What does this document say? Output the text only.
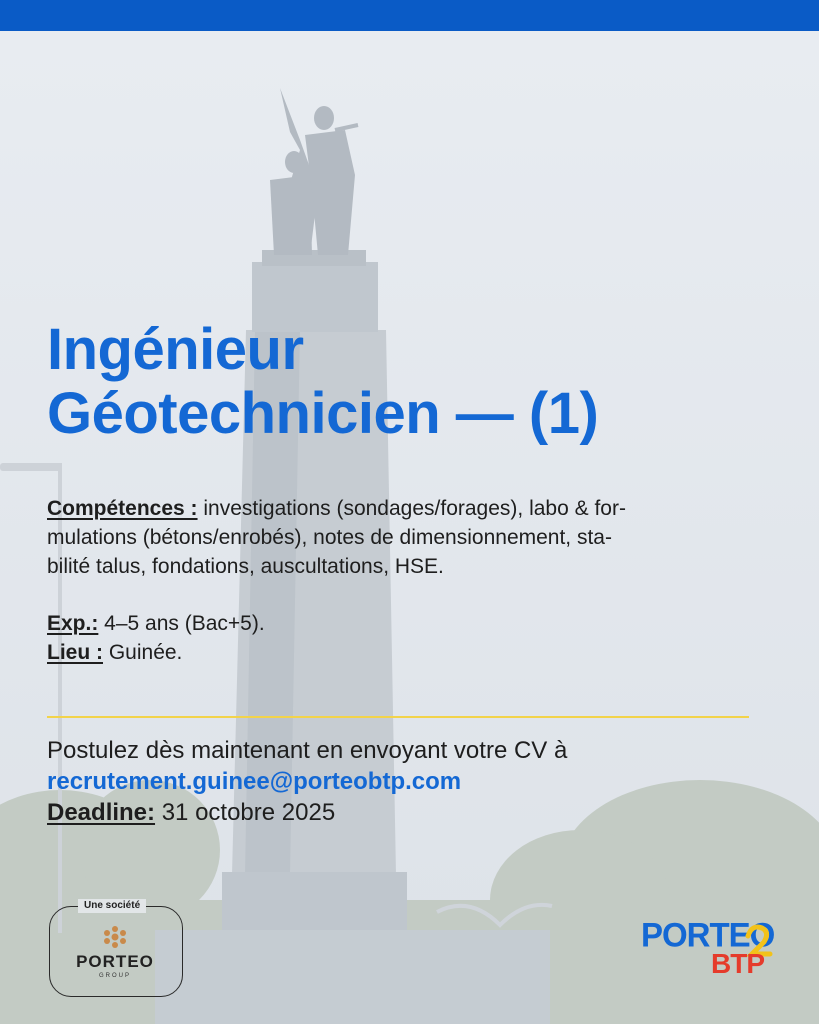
Ingénieur
Géotechnicien — (1)
Compétences : investigations (sondages/forages), labo & for-
mulations (bétons/enrobés), notes de dimensionnement, sta-
bilité talus, fondations, auscultations, HSE.
Exp.: 4–5 ans (Bac+5).
Lieu : Guinée.
Postulez dès maintenant en envoyant votre CV à
recrutement.guinee@porteobtp.com
Deadline: 31 octobre 2025
Une société
PORTEO
GROUP
PORTEO
BTP
